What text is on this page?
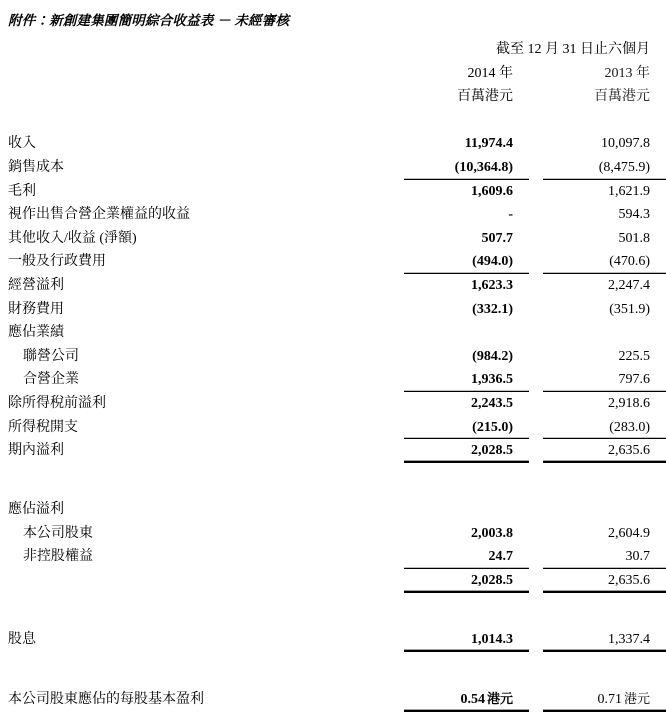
附件：新創建集團簡明綜合收益表 － 未經審核
	截至 12 月 31 日止六個月		
	2014 年		2013 年
	百萬港元		百萬港元

收入	11,974.4		10,097.8
銷售成本	(10,364.8)		(8,475.9)
毛利	1,609.6		1,621.9
視作出售合營企業權益的收益	-		594.3
其他收入/收益 (淨額)	507.7		501.8
一般及行政費用	(494.0)		(470.6)
經營溢利	1,623.3		2,247.4
財務費用	(332.1)		(351.9)
應佔業績			
聯營公司	(984.2)		225.5
合營企業	1,936.5		797.6
除所得稅前溢利	2,243.5		2,918.6
所得稅開支	(215.0)		(283.0)
期內溢利	2,028.5		2,635.6

應佔溢利			
本公司股東	2,003.8		2,604.9
非控股權益	24.7		30.7
	2,028.5		2,635.6

股息	1,014.3		1,337.4

本公司股東應佔的每股基本盈利	0.54 港元		0.71 港元
